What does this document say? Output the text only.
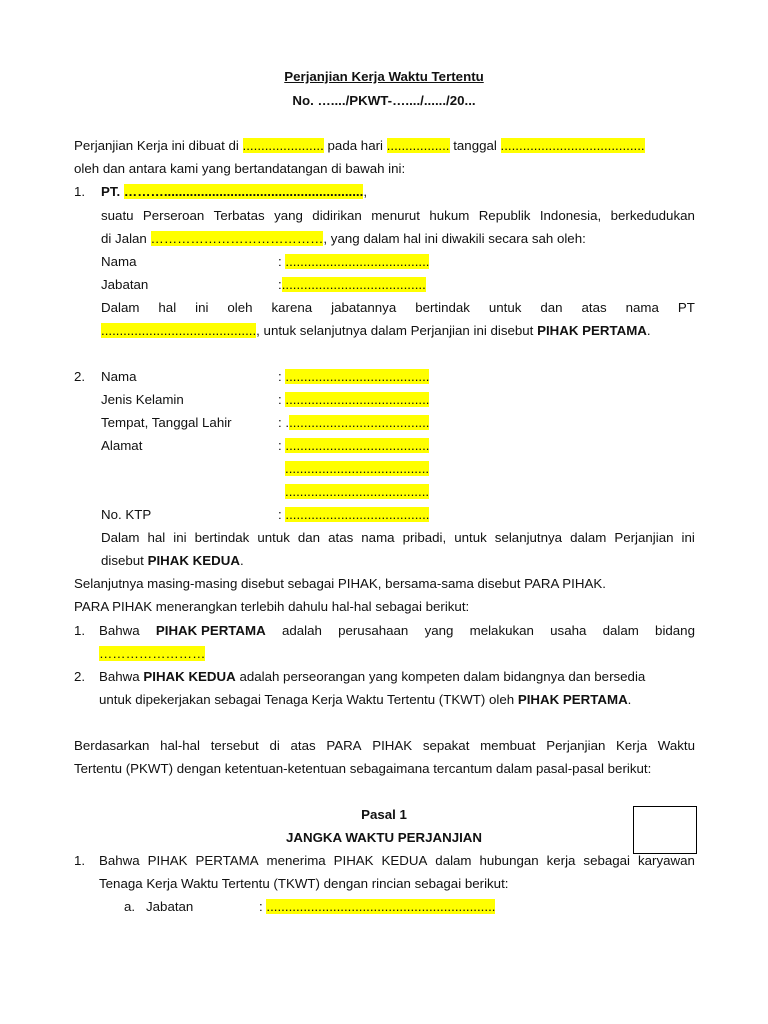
Perjanjian Kerja Waktu Tertentu
No. …..../PKWT-…..../....../20...
Perjanjian Kerja ini dibuat di ...................... pada hari ................. tanggal .......................................
oleh dan antara kami yang bertandatangan di bawah ini:
1. PT. ………......................................................,
suatu Perseroan Terbatas yang didirikan menurut hukum Republik Indonesia, berkedudukan
di Jalan …………………………………, yang dalam hal ini diwakili secara sah oleh:
Nama	: .......................................
Jabatan	:.......................................
Dalam hal ini oleh karena jabatannya bertindak untuk dan atas nama PT
.........................................., untuk selanjutnya dalam Perjanjian ini disebut PIHAK PERTAMA.
2. Nama	: .......................................
Jenis Kelamin	: .......................................
Tempat, Tanggal Lahir	: .......................................
Alamat	: .......................................
.......................................
.......................................
No. KTP	: .......................................
Dalam hal ini bertindak untuk dan atas nama pribadi, untuk selanjutnya dalam Perjanjian ini
disebut PIHAK KEDUA.
Selanjutnya masing-masing disebut sebagai PIHAK, bersama-sama disebut PARA PIHAK.
PARA PIHAK menerangkan terlebih dahulu hal-hal sebagai berikut:
1. Bahwa PIHAK PERTAMA adalah perusahaan yang melakukan usaha dalam bidang
……………………
2. Bahwa PIHAK KEDUA adalah perseorangan yang kompeten dalam bidangnya dan bersedia
untuk dipekerjakan sebagai Tenaga Kerja Waktu Tertentu (TKWT) oleh PIHAK PERTAMA.
Berdasarkan hal-hal tersebut di atas PARA PIHAK sepakat membuat Perjanjian Kerja Waktu
Tertentu (PKWT) dengan ketentuan-ketentuan sebagaimana tercantum dalam pasal-pasal berikut:
Pasal 1
JANGKA WAKTU PERJANJIAN
1. Bahwa PIHAK PERTAMA menerima PIHAK KEDUA dalam hubungan kerja sebagai karyawan
Tenaga Kerja Waktu Tertentu (TKWT) dengan rincian sebagai berikut:
a. Jabatan	: ..............................................................
